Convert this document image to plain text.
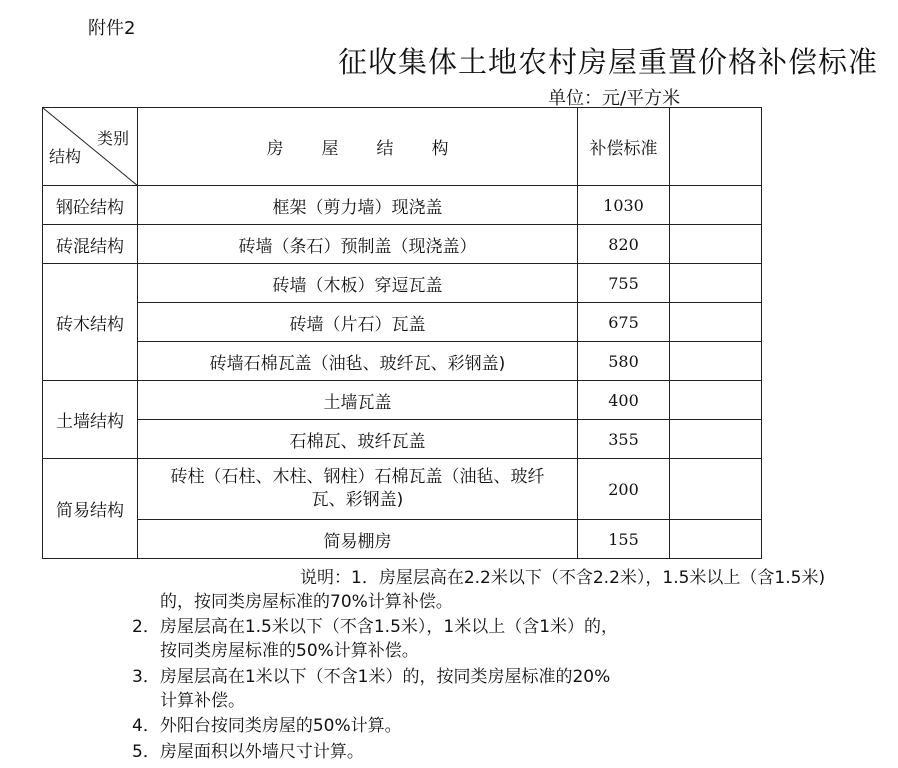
附件2
征收集体土地农村房屋重置价格补偿标准
单位：元/平方米
类别
结构	房屋结构	补偿标准	
钢砼结构	框架（剪力墙）现浇盖	1030	
砖混结构	砖墙（条石）预制盖（现浇盖）	820	
砖木结构	砖墙（木板）穿逗瓦盖	755	
	砖墙（片石）瓦盖	675	
	砖墙石棉瓦盖（油毡、玻纤瓦、彩钢盖)	580	
土墙结构	土墙瓦盖	400	
	石棉瓦、玻纤瓦盖	355	
简易结构	砖柱（石柱、木柱、钢柱）石棉瓦盖（油毡、玻纤
瓦、彩钢盖)	200	
	简易棚房	155	
说明：1．房屋层高在2.2米以下（不含2.2米），1.5米以上（含1.5米)
的，按同类房屋标准的70%计算补偿。
2．房屋层高在1.5米以下（不含1.5米），1米以上（含1米）的，
按同类房屋标准的50%计算补偿。
3．房屋层高在1米以下（不含1米）的，按同类房屋标准的20%
计算补偿。
4．外阳台按同类房屋的50%计算。
5．房屋面积以外墙尺寸计算。
